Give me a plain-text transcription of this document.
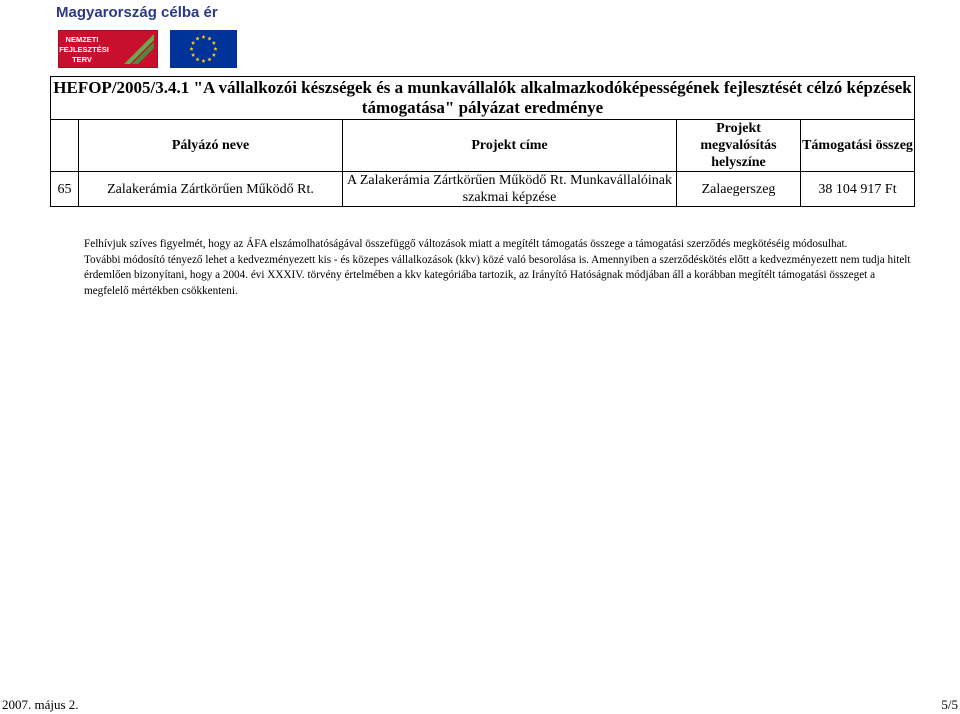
Magyarország célba ér
NEMZETI
FEJLESZTÉSI
TERV
HEFOP/2005/3.4.1 "A vállalkozói készségek és a munkavállalók alkalmazkodóképességének fejlesztését célzó képzések
támogatása" pályázat eredménye				

	Pályázó neve	Projekt címe	Projekt megvalósítás helyszíne	Támogatási összeg
65	Zalakerámia Zártkörűen Működő Rt.	A Zalakerámia Zártkörűen Működő Rt. Munkavállalóinak szakmai képzése	Zalaegerszeg	38 104 917 Ft

Felhívjuk szíves figyelmét, hogy az ÁFA elszámolhatóságával összefüggő változások miatt a megítélt támogatás összege a támogatási szerződés megkötéséig módosulhat.

További módosító tényező lehet a kedvezményezett kis - és közepes vállalkozások (kkv) közé való besorolása is. Amennyiben a szerződéskötés előtt a kedvezményezett nem tudja hitelt érdemlően bizonyítani, hogy a 2004. évi XXXIV. törvény értelmében a kkv kategóriába tartozik, az Irányító Hatóságnak módjában áll a korábban megítélt támogatási összeget a megfelelő mértékben csökkenteni.

2007. május 2.	5/5
